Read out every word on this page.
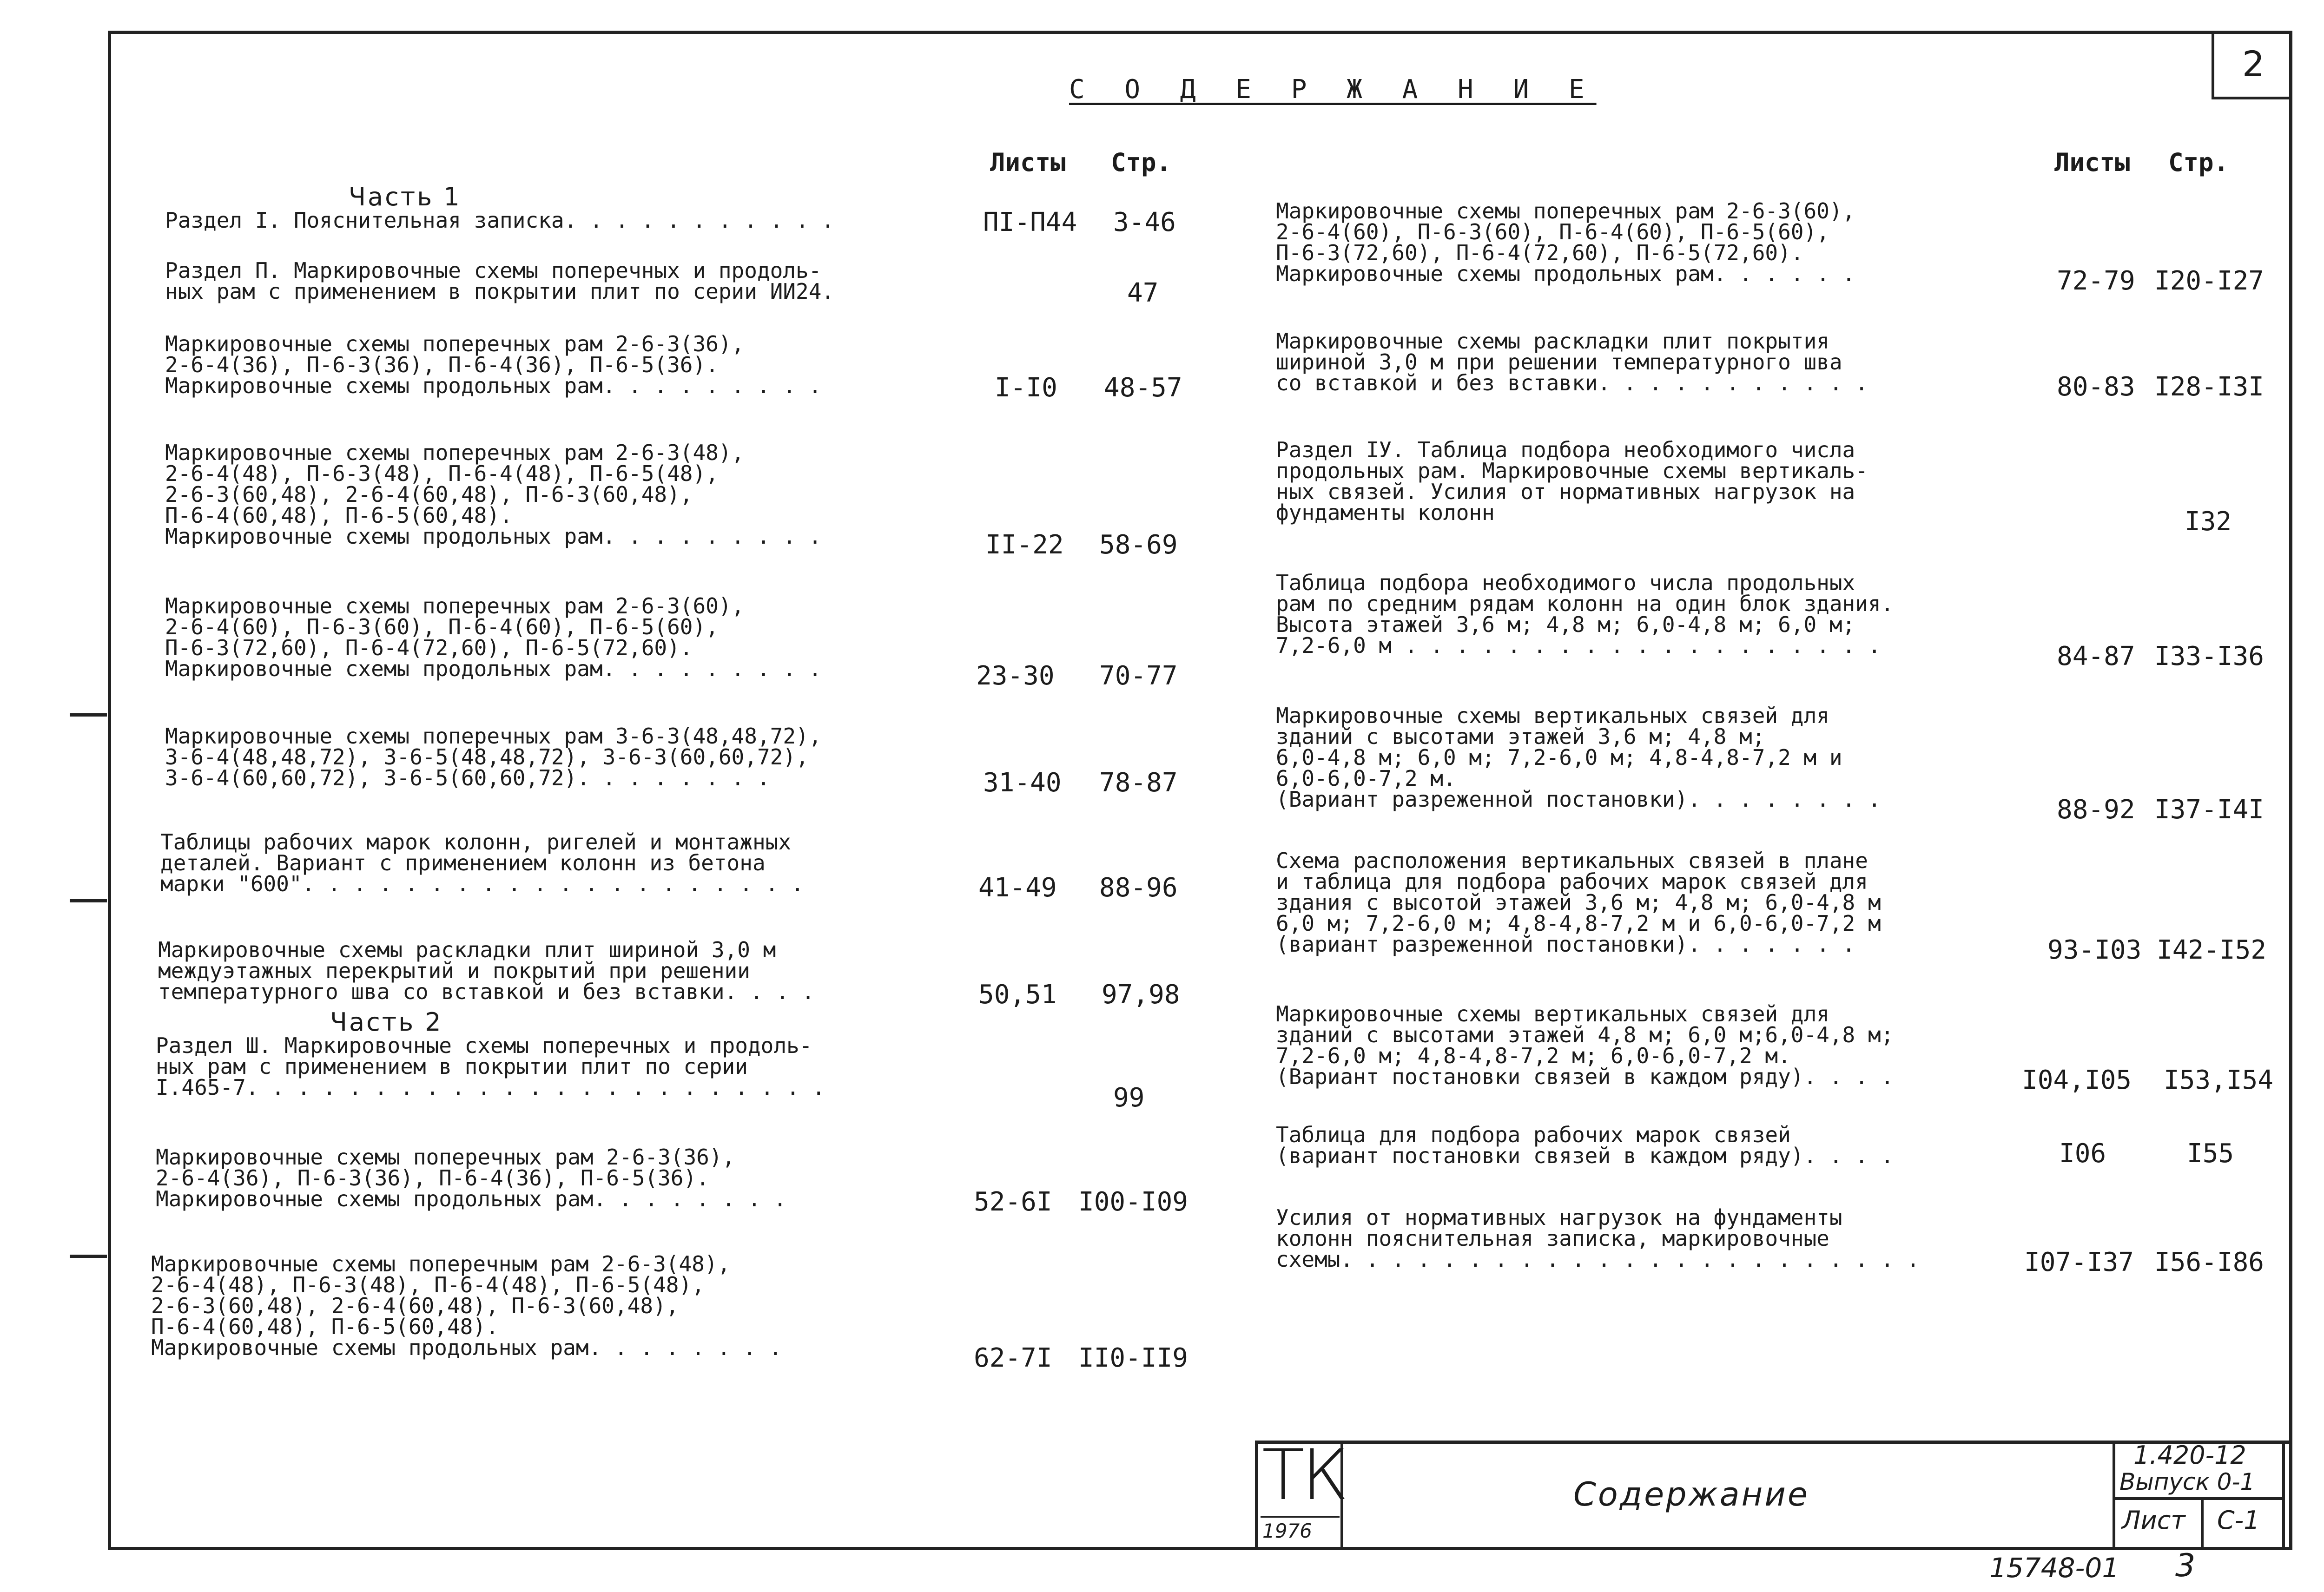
2
С О Д Е Р Ж А Н И Е
Листы Стр.	Листы Стр.
Часть 1
Часть 2
Раздел I. Пояснительная записка. . . . . . . . . . .	ПI-П44 3-46
Раздел П. Маркировочные схемы поперечных и продоль-
ных рам с применением в покрытии плит по серии ИИ24.	47
Маркировочные схемы поперечных рам 2-6-3(36),
2-6-4(36), П-6-3(36), П-6-4(36), П-6-5(36).
Маркировочные схемы продольных рам. . . . . . . . .	I-I0 48-57
Маркировочные схемы поперечных рам 2-6-3(48),
2-6-4(48), П-6-3(48), П-6-4(48), П-6-5(48),
2-6-3(60,48), 2-6-4(60,48), П-6-3(60,48),
П-6-4(60,48), П-6-5(60,48).
Маркировочные схемы продольных рам. . . . . . . . .	II-22 58-69
Маркировочные схемы поперечных рам 2-6-3(60),
2-6-4(60), П-6-3(60), П-6-4(60), П-6-5(60),
П-6-3(72,60), П-6-4(72,60), П-6-5(72,60).
Маркировочные схемы продольных рам. . . . . . . . .	23-30 70-77
Маркировочные схемы поперечных рам 3-6-3(48,48,72),
3-6-4(48,48,72), 3-6-5(48,48,72), 3-6-3(60,60,72),
3-6-4(60,60,72), 3-6-5(60,60,72). . . . . . . .	31-40 78-87
Таблицы рабочих марок колонн, ригелей и монтажных
деталей. Вариант с применением колонн из бетона
марки "600". . . . . . . . . . . . . . . . . . . .	41-49 88-96
Маркировочные схемы раскладки плит шириной 3,0 м
междуэтажных перекрытий и покрытий при решении
температурного шва со вставкой и без вставки. . . .	50,51 97,98
Раздел Ш. Маркировочные схемы поперечных и продоль-
ных рам с применением в покрытии плит по серии
I.465-7. . . . . . . . . . . . . . . . . . . . . . .	99
Маркировочные схемы поперечных рам 2-6-3(36),
2-6-4(36), П-6-3(36), П-6-4(36), П-6-5(36).
Маркировочные схемы продольных рам. . . . . . . .	52-6I I00-I09
Маркировочные схемы поперечным рам 2-6-3(48),
2-6-4(48), П-6-3(48), П-6-4(48), П-6-5(48),
2-6-3(60,48), 2-6-4(60,48), П-6-3(60,48),
П-6-4(60,48), П-6-5(60,48).
Маркировочные схемы продольных рам. . . . . . . .	62-7I II0-II9
Маркировочные схемы поперечных рам 2-6-3(60),
2-6-4(60), П-6-3(60), П-6-4(60), П-6-5(60),
П-6-3(72,60), П-6-4(72,60), П-6-5(72,60).
Маркировочные схемы продольных рам. . . . . .	72-79 I20-I27
Маркировочные схемы раскладки плит покрытия
шириной 3,0 м при решении температурного шва
со вставкой и без вставки. . . . . . . . . . .	80-83 I28-I3I
Раздел IУ. Таблица подбора необходимого числа
продольных рам. Маркировочные схемы вертикаль-
ных связей. Усилия от нормативных нагрузок на
фундаменты колонн	I32
Таблица подбора необходимого числа продольных
рам по средним рядам колонн на один блок здания.
Высота этажей 3,6 м; 4,8 м; 6,0-4,8 м; 6,0 м;
7,2-6,0 м . . . . . . . . . . . . . . . . . . .	84-87 I33-I36
Маркировочные схемы вертикальных связей для
зданий с высотами этажей 3,6 м; 4,8 м;
6,0-4,8 м; 6,0 м; 7,2-6,0 м; 4,8-4,8-7,2 м и
6,0-6,0-7,2 м.
(Вариант разреженной постановки). . . . . . . .	88-92 I37-I4I
Схема расположения вертикальных связей в плане
и таблица для подбора рабочих марок связей для
здания с высотой этажей 3,6 м; 4,8 м; 6,0-4,8 м
6,0 м; 7,2-6,0 м; 4,8-4,8-7,2 м и 6,0-6,0-7,2 м
(вариант разреженной постановки). . . . . . .	93-I03 I42-I52
Маркировочные схемы вертикальных связей для
зданий с высотами этажей 4,8 м; 6,0 м;6,0-4,8 м;
7,2-6,0 м; 4,8-4,8-7,2 м; 6,0-6,0-7,2 м.
(Вариант постановки связей в каждом ряду). . . .	I04,I05 I53,I54
Таблица для подбора рабочих марок связей
(вариант постановки связей в каждом ряду). . . .	I06	I55
Усилия от нормативных нагрузок на фундаменты
колонн пояснительная записка, маркировочные
схемы. . . . . . . . . . . . . . . . . . . . . . .	I07-I37 I56-I86
ТК
1976
Содержание
1.420-12
Выпуск 0-1
Лист С-1
15748-01 3
